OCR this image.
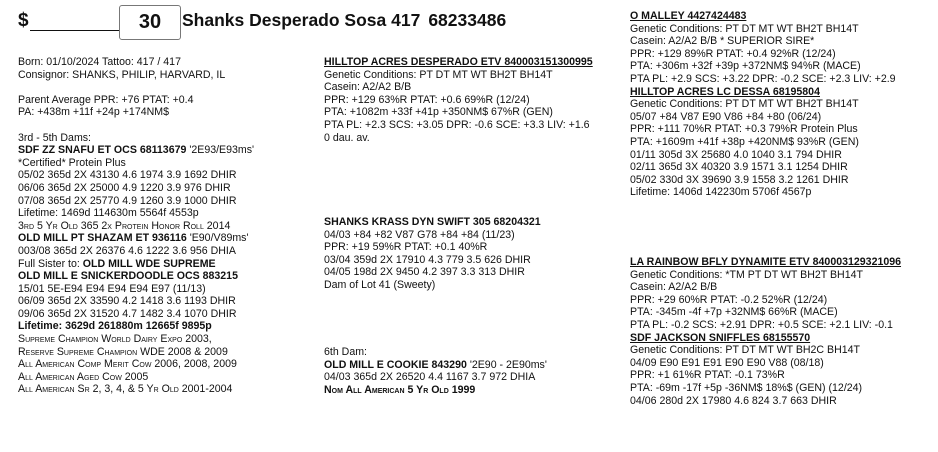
$	30	Shanks Desperado Sosa 417 68233486
Born: 01/10/2024 Tattoo: 417 / 417
Consignor: SHANKS, PHILIP, HARVARD, IL
Parent Average PPR: +76 PTAT: +0.4
PA: +438m +11f +24p +174NM$
3rd - 5th Dams:
SDF ZZ SNAFU ET OCS 68113679 '2E93/E93ms'
*Certified* Protein Plus
05/02 365d 2X 43130 4.6 1974 3.9 1692 DHIR
06/06 365d 2X 25000 4.9 1220 3.9 976 DHIR
07/08 365d 2X 25770 4.9 1260 3.9 1000 DHIR
Lifetime: 1469d 114630m 5564f 4553p
3rd 5 Yr Old 365 2x Protein Honor Roll 2014
OLD MILL PT SHAZAM ET 936116 'E90/V89ms'
003/08 365d 2X 26376 4.6 1222 3.6 956 DHIA
Full Sister to: OLD MILL WDE SUPREME
OLD MILL E SNICKERDOODLE OCS 883215
15/01 5E-E94 E94 E94 E94 E97 (11/13)
06/09 365d 2X 33590 4.2 1418 3.6 1193 DHIR
09/06 365d 2X 31520 4.7 1482 3.4 1070 DHIR
Lifetime: 3629d 261880m 12665f 9895p
Supreme Champion World Dairy Expo 2003,
Reserve Supreme Champion WDE 2008 & 2009
All American Comp Merit Cow 2006, 2008, 2009
All American Aged Cow 2005
All American Sr 2, 3, 4, & 5 Yr Old 2001-2004
HILLTOP ACRES DESPERADO ETV 840003151300995
Genetic Conditions: PT DT MT WT BH2T BH14T
Casein: A2/A2 B/B
PPR: +129 63%R PTAT: +0.6 69%R (12/24)
PTA: +1082m +33f +41p +350NM$ 67%R (GEN)
PTA PL: +2.3 SCS: +3.05 DPR: -0.6 SCE: +3.3 LIV: +1.6
0 dau. av.
SHANKS KRASS DYN SWIFT 305 68204321
04/03 +84 +82 V87 G78 +84 +84 (11/23)
PPR: +19 59%R PTAT: +0.1 40%R
03/04 359d 2X 17910 4.3 779 3.5 626 DHIR
04/05 198d 2X 9450 4.2 397 3.3 313 DHIR
Dam of Lot 41 (Sweety)
6th Dam:
OLD MILL E COOKIE 843290 '2E90 - 2E90ms'
04/03 365d 2X 26520 4.4 1167 3.7 972 DHIA
Nom All American 5 Yr Old 1999
O MALLEY 4427424483
Genetic Conditions: PT DT MT WT BH2T BH14T
Casein: A2/A2 B/B * SUPERIOR SIRE*
PPR: +129 89%R PTAT: +0.4 92%R (12/24)
PTA: +306m +32f +39p +372NM$ 94%R (MACE)
PTA PL: +2.9 SCS: +3.22 DPR: -0.2 SCE: +2.3 LIV: +2.9
HILLTOP ACRES LC DESSA 68195804
Genetic Conditions: PT DT MT WT BH2T BH14T
05/07 +84 V87 E90 V86 +84 +80 (06/24)
PPR: +111 70%R PTAT: +0.3 79%R Protein Plus
PTA: +1609m +41f +38p +420NM$ 93%R (GEN)
01/11 305d 3X 25680 4.0 1040 3.1 794 DHIR
02/11 365d 3X 40320 3.9 1571 3.1 1254 DHIR
05/02 330d 3X 39690 3.9 1558 3.2 1261 DHIR
Lifetime: 1406d 142230m 5706f 4567p
LA RAINBOW BFLY DYNAMITE ETV 840003129321096
Genetic Conditions: *TM PT DT WT BH2T BH14T
Casein: A2/A2 B/B
PPR: +29 60%R PTAT: -0.2 52%R (12/24)
PTA: -345m -4f +7p +32NM$ 66%R (MACE)
PTA PL: -0.2 SCS: +2.91 DPR: +0.5 SCE: +2.1 LIV: -0.1
SDF JACKSON SNIFFLES 68155570
Genetic Conditions: PT DT MT WT BH2C BH14T
04/09 E90 E91 E91 E90 E90 V88 (08/18)
PPR: +1 61%R PTAT: -0.1 73%R
PTA: -69m -17f +5p -36NM$ 18%$ (GEN) (12/24)
04/06 280d 2X 17980 4.6 824 3.7 663 DHIR
